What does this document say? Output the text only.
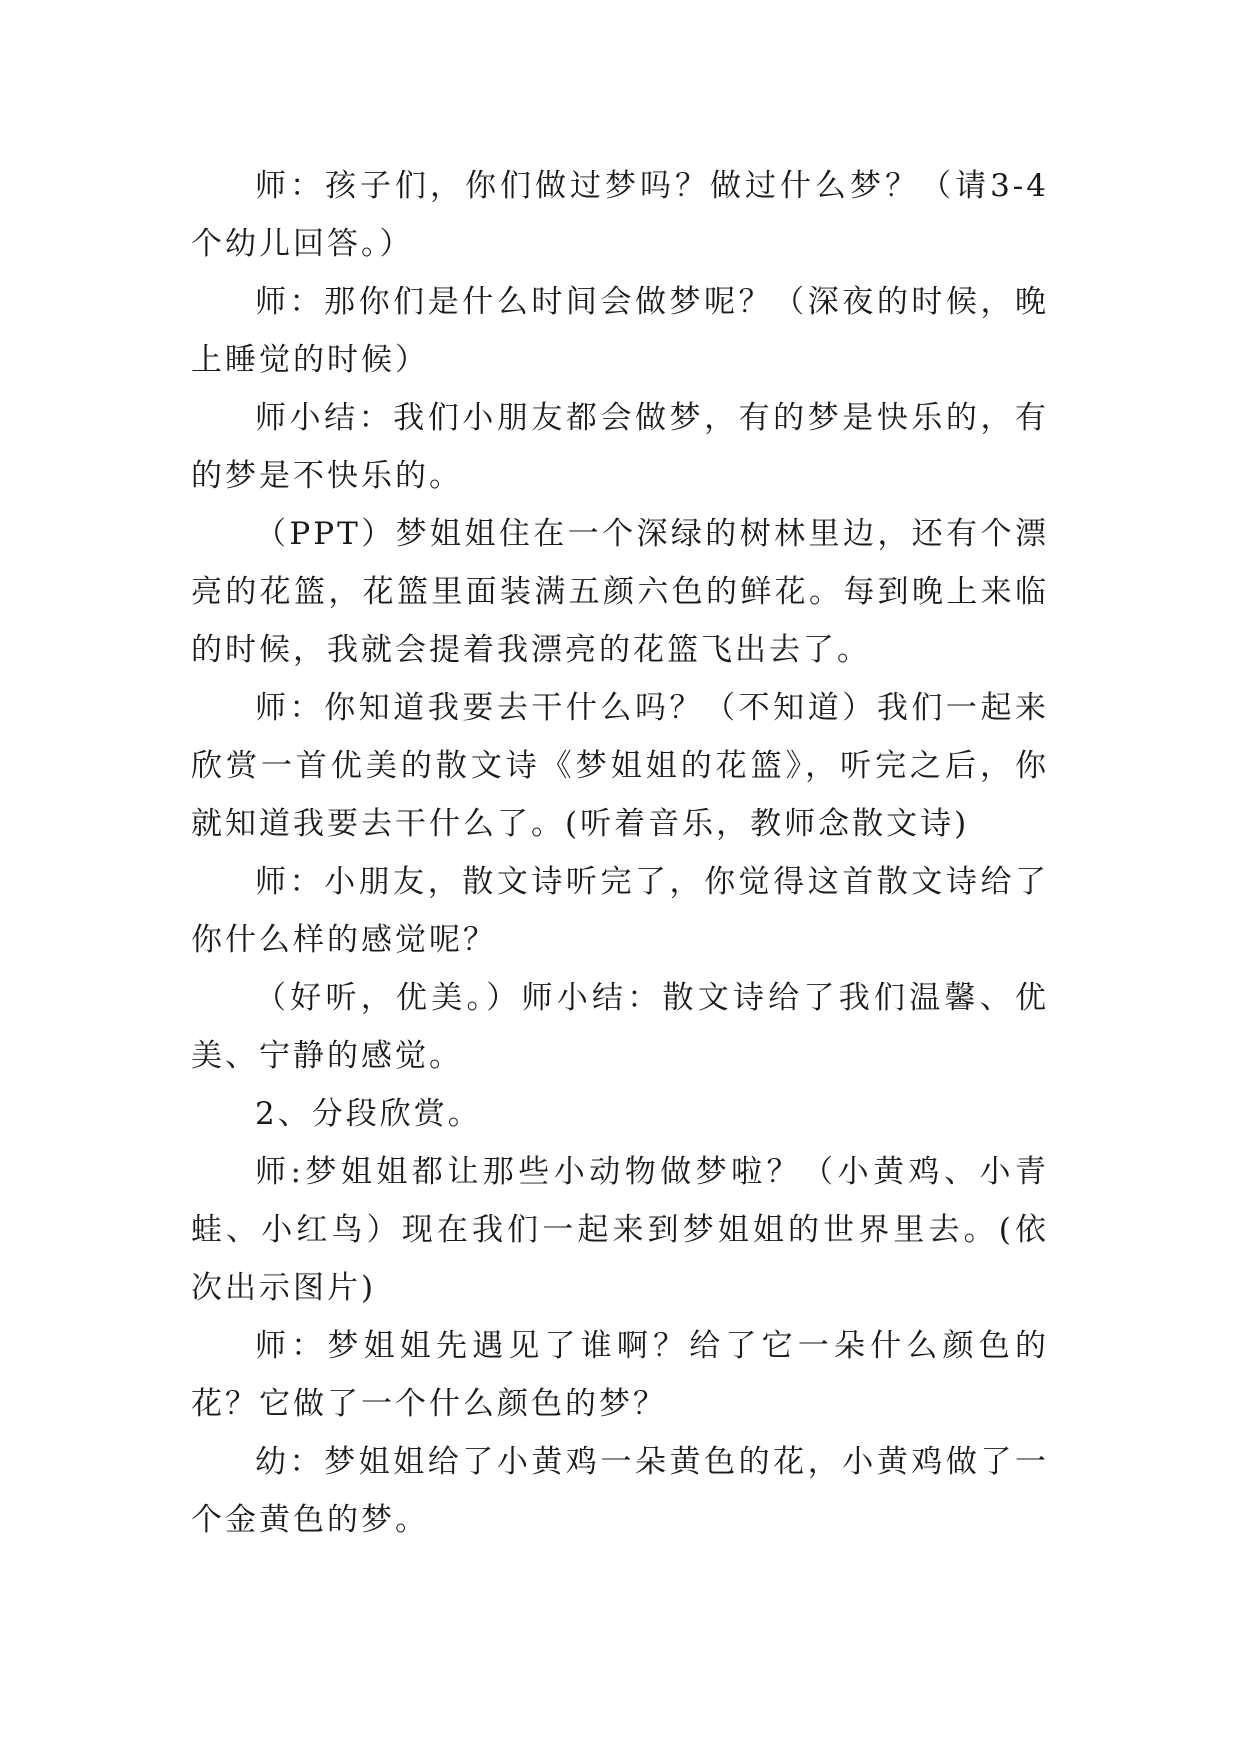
师：孩子们，你们做过梦吗？做过什么梦？（请3-4个幼儿回答。）

师：那你们是什么时间会做梦呢？（深夜的时候，晚上睡觉的时候）

师小结：我们小朋友都会做梦，有的梦是快乐的，有的梦是不快乐的。

（PPT）梦姐姐住在一个深绿的树林里边，还有个漂亮的花篮，花篮里面装满五颜六色的鲜花。每到晚上来临的时候，我就会提着我漂亮的花篮飞出去了。

师：你知道我要去干什么吗？（不知道）我们一起来欣赏一首优美的散文诗《梦姐姐的花篮》，听完之后，你就知道我要去干什么了。(听着音乐，教师念散文诗)

师：小朋友，散文诗听完了，你觉得这首散文诗给了你什么样的感觉呢？

（好听，优美。）师小结：散文诗给了我们温馨、优美、宁静的感觉。

2、分段欣赏。

师:梦姐姐都让那些小动物做梦啦？（小黄鸡、小青蛙、小红鸟）现在我们一起来到梦姐姐的世界里去。(依次出示图片)

师：梦姐姐先遇见了谁啊？给了它一朵什么颜色的花？它做了一个什么颜色的梦？

幼：梦姐姐给了小黄鸡一朵黄色的花，小黄鸡做了一个金黄色的梦。
